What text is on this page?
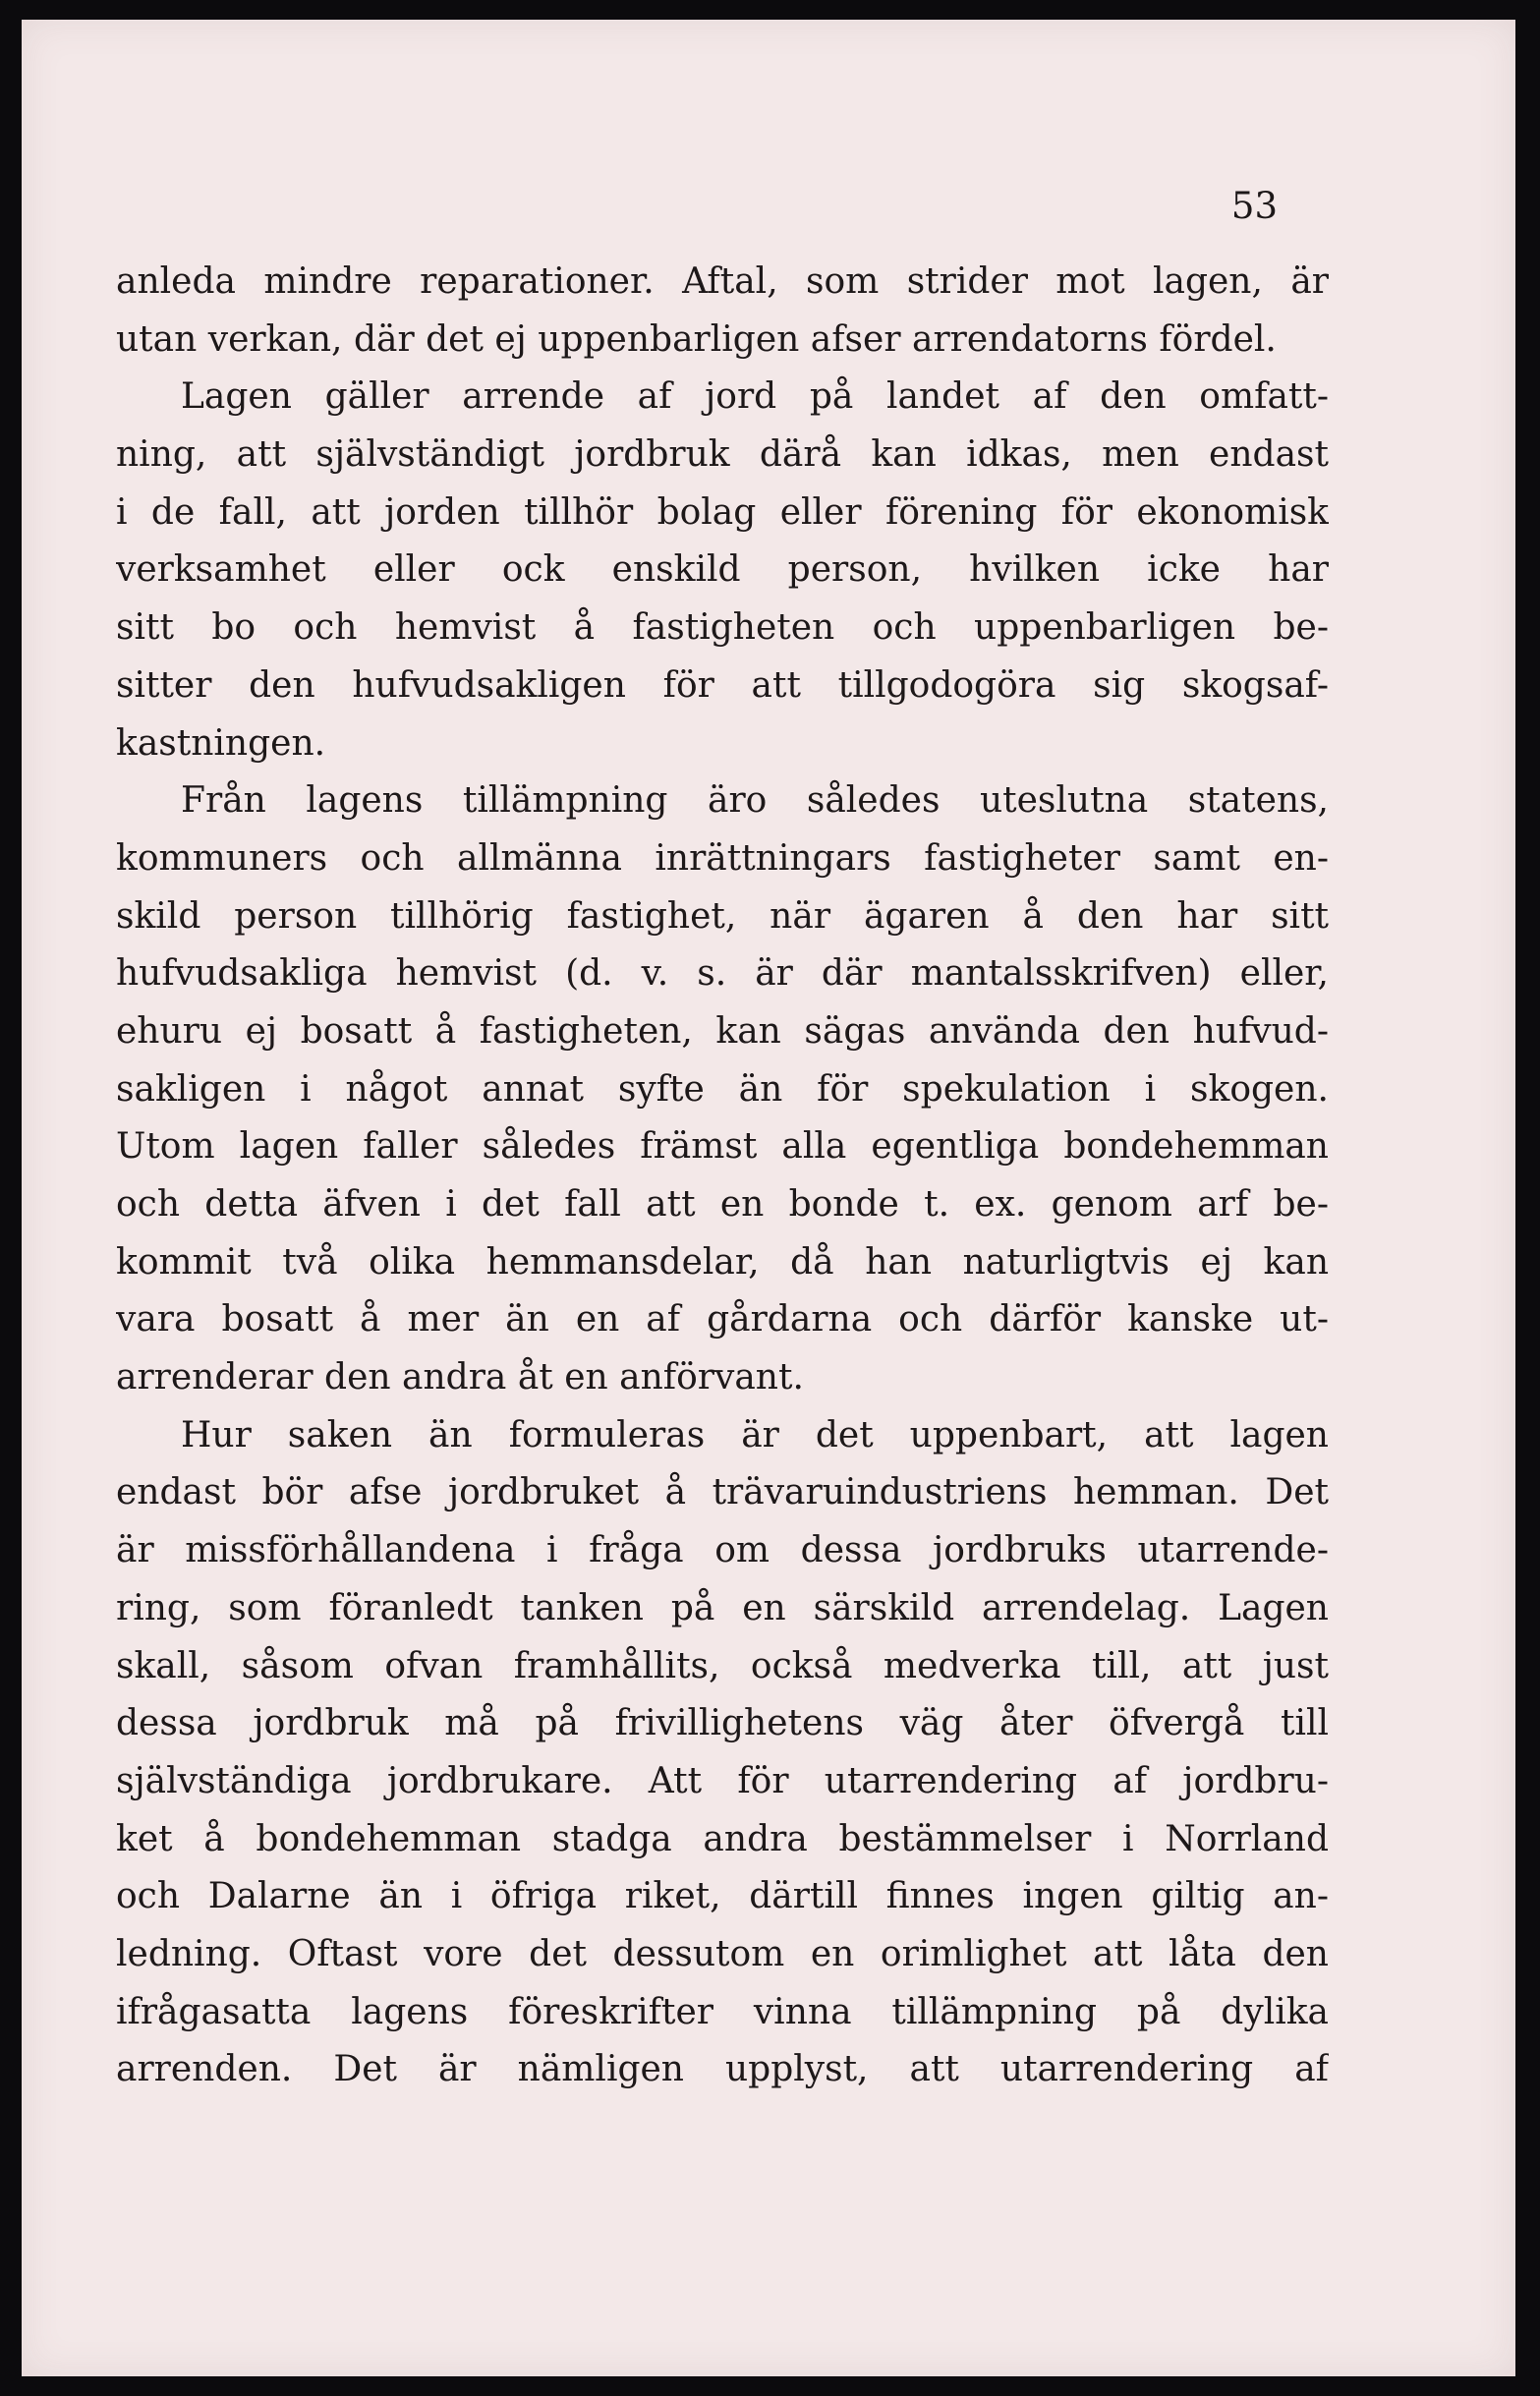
53
anleda mindre reparationer. Aftal, som strider mot lagen, är
utan verkan, där det ej uppenbarligen afser arrendatorns fördel.
Lagen gäller arrende af jord på landet af den omfatt-
ning, att självständigt jordbruk därå kan idkas, men endast
i de fall, att jorden tillhör bolag eller förening för ekonomisk
verksamhet eller ock enskild person, hvilken icke har
sitt bo och hemvist å fastigheten och uppenbarligen be-
sitter den hufvudsakligen för att tillgodogöra sig skogsaf-
kastningen.
Från lagens tillämpning äro således uteslutna statens,
kommuners och allmänna inrättningars fastigheter samt en-
skild person tillhörig fastighet, när ägaren å den har sitt
hufvudsakliga hemvist (d. v. s. är där mantalsskrifven) eller,
ehuru ej bosatt å fastigheten, kan sägas använda den hufvud-
sakligen i något annat syfte än för spekulation i skogen.
Utom lagen faller således främst alla egentliga bondehemman
och detta äfven i det fall att en bonde t. ex. genom arf be-
kommit två olika hemmansdelar, då han naturligtvis ej kan
vara bosatt å mer än en af gårdarna och därför kanske ut-
arrenderar den andra åt en anförvant.
Hur saken än formuleras är det uppenbart, att lagen
endast bör afse jordbruket å trävaruindustriens hemman. Det
är missförhållandena i fråga om dessa jordbruks utarrende-
ring, som föranledt tanken på en särskild arrendelag. Lagen
skall, såsom ofvan framhållits, också medverka till, att just
dessa jordbruk må på frivillighetens väg åter öfvergå till
självständiga jordbrukare. Att för utarrendering af jordbru-
ket å bondehemman stadga andra bestämmelser i Norrland
och Dalarne än i öfriga riket, därtill finnes ingen giltig an-
ledning. Oftast vore det dessutom en orimlighet att låta den
ifrågasatta lagens föreskrifter vinna tillämpning på dylika
arrenden. Det är nämligen upplyst, att utarrendering af
